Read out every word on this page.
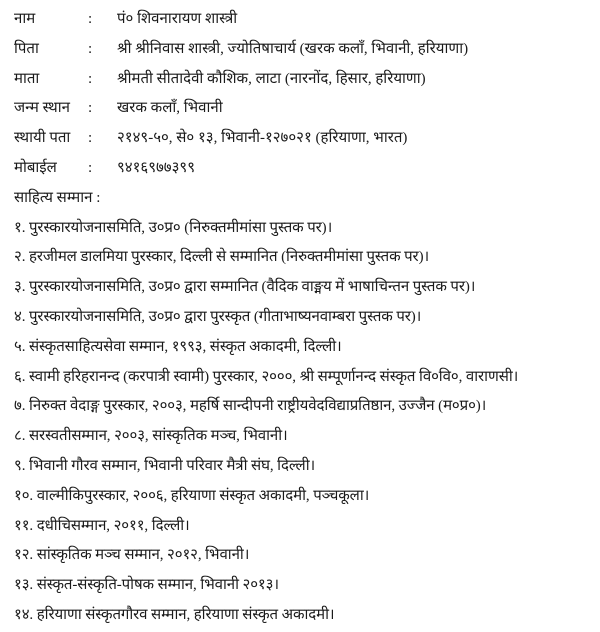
नाम	: पं० शिवनारायण शास्त्री
पिता	: श्री श्रीनिवास शास्त्री, ज्योतिषाचार्य (खरक कलाँ, भिवानी, हरियाणा)
माता	: श्रीमती सीतादेवी कौशिक, लाटा (नारनोंद, हिसार, हरियाणा)
जन्म स्थान : खरक कलाँ, भिवानी
स्थायी पता : २१४९-५०, से० १३, भिवानी-१२७०२१ (हरियाणा, भारत)
मोबाईल : ९४१६९७७३९९
साहित्य सम्मान :
१. पुरस्कारयोजनासमिति, उ०प्र० (निरुक्तमीमांसा पुस्तक पर)।
२. हरजीमल डालमिया पुरस्कार, दिल्ली से सम्मानित (निरुक्तमीमांसा पुस्तक पर)।
३. पुरस्कारयोजनासमिति, उ०प्र० द्वारा सम्मानित (वैदिक वाङ्मय में भाषाचिन्तन पुस्तक पर)।
४. पुरस्कारयोजनासमिति, उ०प्र० द्वारा पुरस्कृत (गीताभाष्यनवाम्बरा पुस्तक पर)।
५. संस्कृतसाहित्यसेवा सम्मान, १९९३, संस्कृत अकादमी, दिल्ली।
६. स्वामी हरिहरानन्द (करपात्री स्वामी) पुरस्कार, २०००, श्री सम्पूर्णानन्द संस्कृत वि०वि०, वाराणसी।
७. निरुक्त वेदाङ्ग पुरस्कार, २००३, महर्षि सान्दीपनी राष्ट्रीयवेदविद्याप्रतिष्ठान, उज्जैन (म०प्र०)।
८. सरस्वतीसम्मान, २००३, सांस्कृतिक मञ्च, भिवानी।
९. भिवानी गौरव सम्मान, भिवानी परिवार मैत्री संघ, दिल्ली।
१०. वाल्मीकिपुरस्कार, २००६, हरियाणा संस्कृत अकादमी, पञ्चकूला।
११. दधीचिसम्मान, २०११, दिल्ली।
१२. सांस्कृतिक मञ्च सम्मान, २०१२, भिवानी।
१३. संस्कृत-संस्कृति-पोषक सम्मान, भिवानी २०१३।
१४. हरियाणा संस्कृतगौरव सम्मान, हरियाणा संस्कृत अकादमी।
